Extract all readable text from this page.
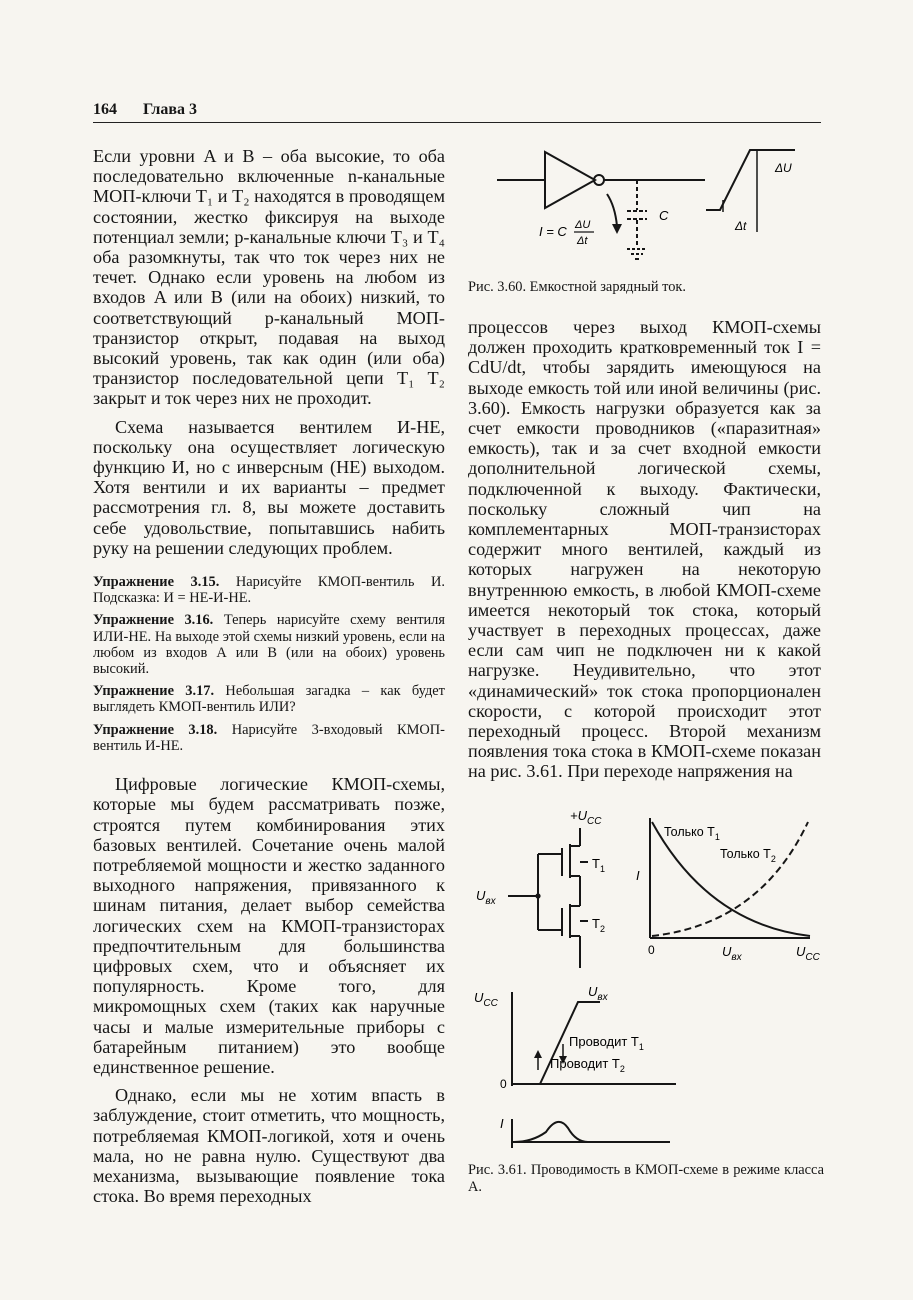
164 Глава 3

Если уровни A и B – оба высокие, то оба последовательно включенные n-канальные МОП-ключи T₁ и T₂ находятся в проводящем состоянии, жестко фиксируя на выходе потенциал земли; p-канальные ключи T₃ и T₄ оба разомкнуты, так что ток через них не течет. Однако если уровень на любом из входов A или B (или на обоих) низкий, то соответствующий p-канальный МОП-транзистор открыт, подавая на выход высокий уровень, так как один (или оба) транзистор последовательной цепи T₁ T₂ закрыт и ток через них не проходит.

Схема называется вентилем И-НЕ, поскольку она осуществляет логическую функцию И, но с инверсным (НЕ) выходом. Хотя вентили и их варианты – предмет рассмотрения гл. 8, вы можете доставить себе удовольствие, попытавшись набить руку на решении следующих проблем.

Упражнение 3.15. Нарисуйте КМОП-вентиль И. Подсказка: И = НЕ-И-НЕ.
Упражнение 3.16. Теперь нарисуйте схему вентиля ИЛИ-НЕ. На выходе этой схемы низкий уровень, если на любом из входов А или В (или на обоих) уровень высокий.
Упражнение 3.17. Небольшая загадка – как будет выглядеть КМОП-вентиль ИЛИ?
Упражнение 3.18. Нарисуйте 3-входовый КМОП-вентиль И-НЕ.

Цифровые логические КМОП-схемы, которые мы будем рассматривать позже, строятся путем комбинирования этих базовых вентилей. Сочетание очень малой потребляемой мощности и жестко заданного выходного напряжения, привязанного к шинам питания, делает выбор семейства логических схем на КМОП-транзисторах предпочтительным для большинства цифровых схем, что и объясняет их популярность. Кроме того, для микромощных схем (таких как наручные часы и малые измерительные приборы с батарейным питанием) это вообще единственное решение.

Однако, если мы не хотим впасть в заблуждение, стоит отметить, что мощность, потребляемая КМОП-логикой, хотя и очень мала, но не равна нулю. Существуют два механизма, вызывающие появление тока стока. Во время переходных

I = C ΔU
Δt
C
ΔU
Δt
Рис. 3.60. Емкостной зарядный ток.

процессов через выход КМОП-схемы должен проходить кратковременный ток I = CdU/dt, чтобы зарядить имеющуюся на выходе емкость той или иной величины (рис. 3.60). Емкость нагрузки образуется как за счет емкости проводников («паразитная» емкость), так и за счет входной емкости дополнительной логической схемы, подключенной к выходу. Фактически, поскольку сложный чип на комплементарных МОП-транзисторах содержит много вентилей, каждый из которых нагружен на некоторую внутреннюю емкость, в любой КМОП-схеме имеется некоторый ток стока, который участвует в переходных процессах, даже если сам чип не подключен ни к какой нагрузке. Неудивительно, что этот «динамический» ток стока пропорционален скорости, с которой происходит этот переходный процесс. Второй механизм появления тока стока в КМОП-схеме показан на рис. 3.61. При переходе напряжения на

$+U_{CC}$
$T_1$
$T_2$
$U_{вх}$
Только $T_1$
Только $T_2$
I
0	$U_{вх}$	$U_{CC}$
$U_{CC}$
$U_{вх}$
Проводит $T_1$
Проводит $T_2$
0
I
Рис. 3.61. Проводимость в КМОП-схеме в режиме класса А.
